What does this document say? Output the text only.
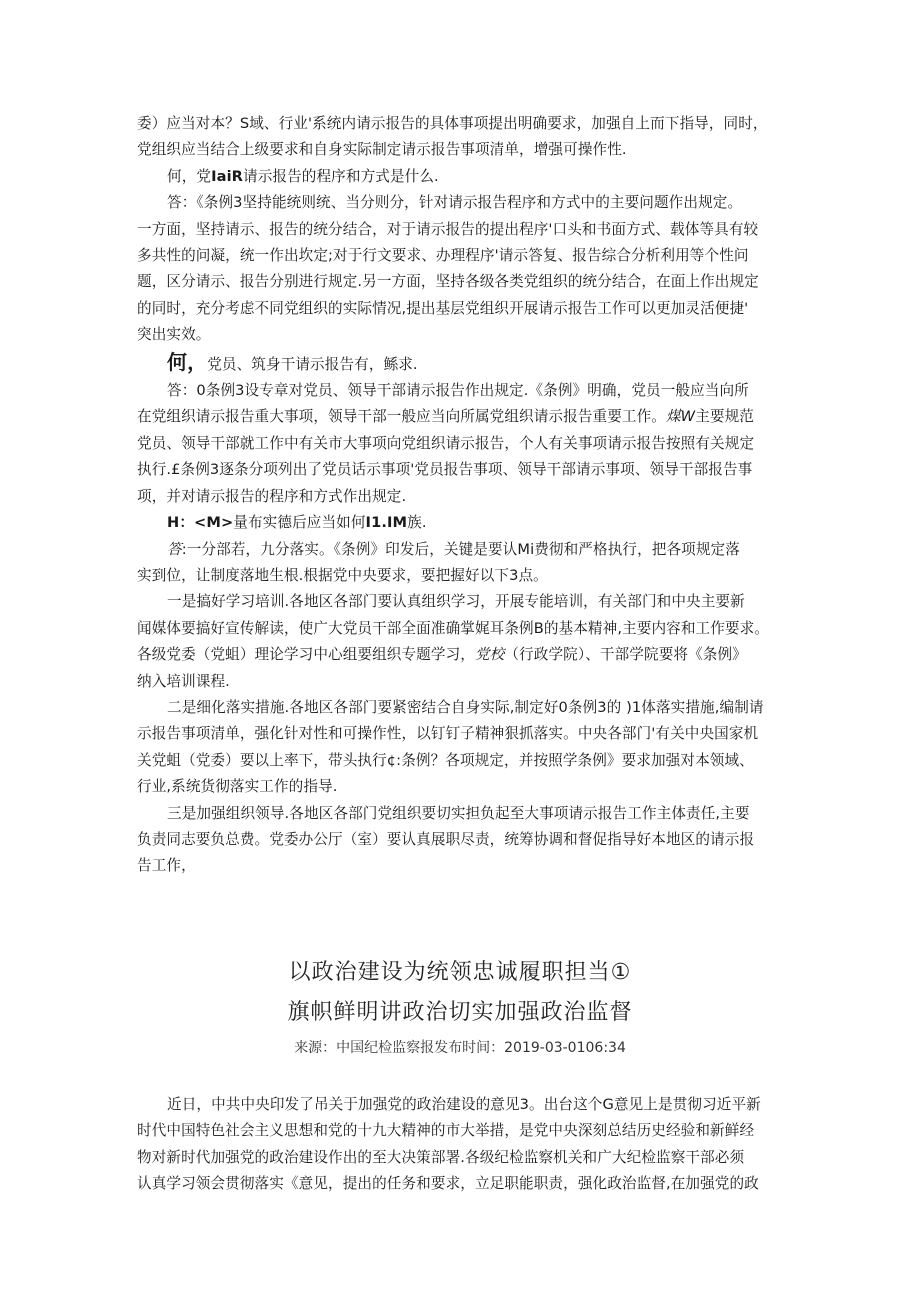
委）应当对本？S域、行业'系统内请示报告的具体事项提出明确要求，加强自上而下指导，同时，
党组织应当结合上级要求和自身实际制定请示报告事项清单，增强可操作性.
何，党IaiR请示报告的程序和方式是什么.
答：《条例3坚持能统则统、当分则分，针对请示报告程序和方式中的主要问题作出规定。
一方面，坚持请示、报告的统分结合，对于请示报告的提出程序'口头和书面方式、载体等具有较
多共性的问凝，统一作出坎定;对于行文要求、办理程序'请示答复、报告综合分析利用等个性问
题，区分请示、报告分别进行规定.另一方面，坚持各级各类党组织的统分结合，在面上作出规定
的同时，充分考虑不同党组织的实际情况,提出基层党组织开展请示报告工作可以更加灵活便捷'
突出实效。
何，党员、筑身干请示报告有，鲧求.
答：0条例3设专章对党员、领导干部请示报告作出规定.《条例》明确，党员一般应当向所
在党组织请示报告重大事项，领导干部一般应当向所属党组织请示报告重要工作。煤W主要规范
党员、领导干部就工作中有关市大事项向党组织请示报告，个人有关事项请示报告按照有关规定
执行.£条例3逐条分项列出了党员话示事项'党员报告事项、领导干部请示事项、领导干部报告事
项，并对请示报告的程序和方式作出规定.
H：<M>量布实德后应当如何I1.IM族.
答:一分部若，九分落实。《条例》印发后，关键是要认Mi费彻和严格执行，把各项规定落
实到位，让制度落地生根.根据党中央要求，要把握好以下3点。
一是搞好学习培训.各地区各部门要认真组织学习，开展专能培训，有关部门和中央主要新
闻媒体要搞好宣传解读，使广大党员干部全面准确掌娓耳条例B的基本精神,主要内容和工作要求。
各级党委（党蛆）理论学习中心组要组织专题学习，党校（行政学院）、干部学院要将《条例》
纳入培训课程.
二是细化落实措施.各地区各部门要紧密结合自身实际,制定好0条例3的 )1体落实措施,编制请
示报告事项清单，强化针对性和可操作性，以钉钉子精神狠抓落实。中央各部门'有关中央国家机
关党蛆（党委）要以上率下，带头执行¢:条例？各项规定，并按照学条例》要求加强对本领域、
行业,系统货彻落实工作的指导.
三是加强组织领导.各地区各部门党组织要切实担负起至大事项请示报告工作主体责任,主要
负责同志要负总费。党委办公厅（室）要认真展职尽责，统筹协调和督促指导好本地区的请示报
告工作，
以政治建设为统领忠诚履职担当①
旗帜鲜明讲政治切实加强政治监督
来源：中国纪检监察报发布时间：2019-03-0106:34
近日，中共中央印发了吊关于加强党的政治建设的意见3。出台这个G意见上是贯彻习近平新
时代中国特色社会主义思想和党的十九大精神的市大举措，是党中央深刻总结历史经验和新鲜经
物对新时代加强党的政治建设作出的至大决策部署.各级纪检监察机关和广大纪检监察干部必须
认真学习领会贯彻落实《意见，提出的任务和要求，立足职能职责，强化政治监督,在加强党的政
